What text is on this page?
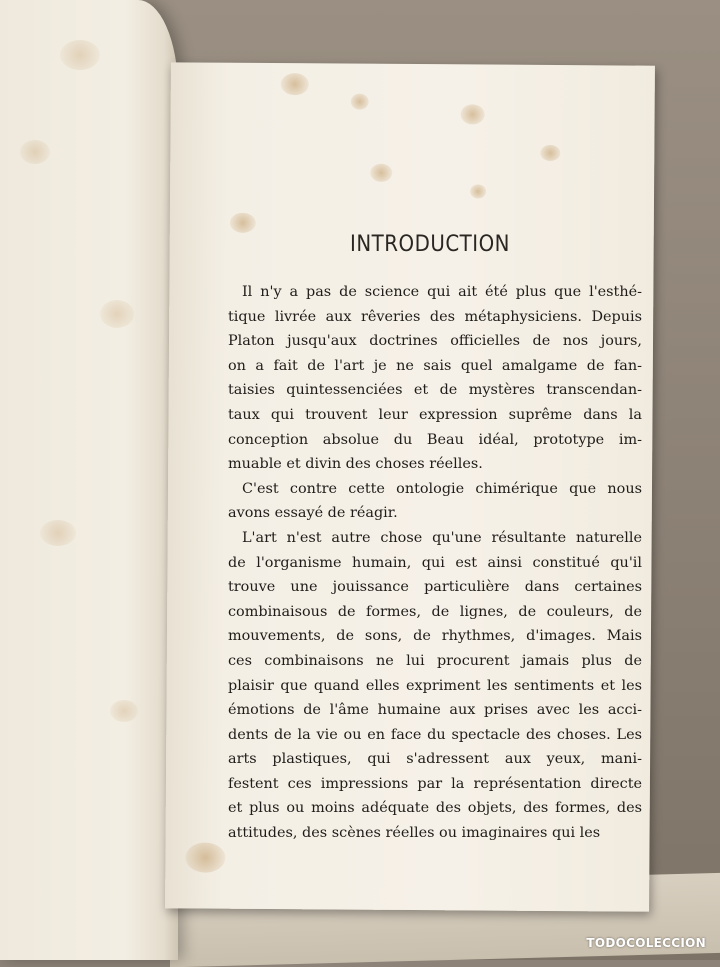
INTRODUCTION
Il n'y a pas de science qui ait été plus que l'esthé-
tique livrée aux rêveries des métaphysiciens. Depuis
Platon jusqu'aux doctrines officielles de nos jours,
on a fait de l'art je ne sais quel amalgame de fan-
taisies quintessenciées et de mystères transcendan-
taux qui trouvent leur expression suprême dans la
conception absolue du Beau idéal, prototype im-
muable et divin des choses réelles.
C'est contre cette ontologie chimérique que nous
avons essayé de réagir.
L'art n'est autre chose qu'une résultante naturelle
de l'organisme humain, qui est ainsi constitué qu'il
trouve une jouissance particulière dans certaines
combinaisous de formes, de lignes, de couleurs, de
mouvements, de sons, de rhythmes, d'images. Mais
ces combinaisons ne lui procurent jamais plus de
plaisir que quand elles expriment les sentiments et les
émotions de l'âme humaine aux prises avec les acci-
dents de la vie ou en face du spectacle des choses. Les
arts plastiques, qui s'adressent aux yeux, mani-
festent ces impressions par la représentation directe
et plus ou moins adéquate des objets, des formes, des
attitudes, des scènes réelles ou imaginaires qui les
TODOCOLECCION
